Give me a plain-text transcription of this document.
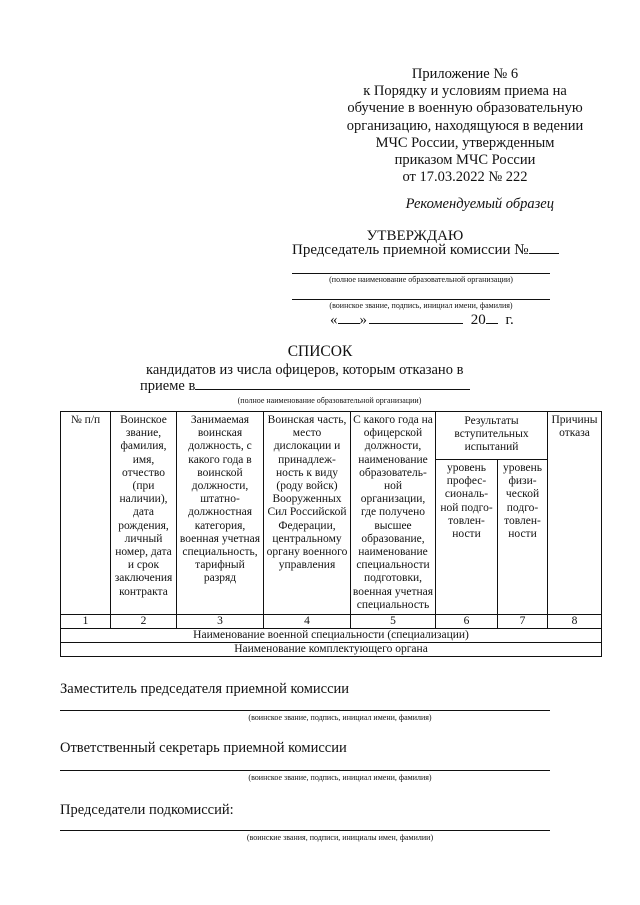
Приложение № 6
к Порядку и условиям приема на
обучение в военную образовательную
организацию, находящуюся в ведении
МЧС России, утвержденным
приказом МЧС России
от 17.03.2022 № 222
Рекомендуемый образец
УТВЕРЖДАЮ
Председатель приемной комиссии №
(полное наименование образовательной организации)
(воинское звание, подпись, инициал имени, фамилия)
« »	20 г.
СПИСОК
кандидатов из числа офицеров, которым отказано в
приеме в
(полное наименование образовательной организации)
№ п/п	Воинское звание, фамилия, имя, отчество (при наличии), дата рождения, личный номер, дата и срок заключения контракта	Занимаемая воинская должность, с какого года в воинской должности, штатно-должностная категория, военная учетная специальность, тарифный разряд	Воинская часть, место дислокации и принадлеж-ность к виду (роду войск) Вооруженных Сил Российской Федерации, центральному органу военного управления	С какого года на офицерской должности, наименование образователь-ной организации, где получено высшее образование, наименование специальности подготовки, военная учетная специальность	Результаты вступительных испытаний		Причины отказа
					уровень профес-сиональ-ной подго-товлен-ности	уровень физи-ческой подго-товлен-ности	
1	2	3	4	5	6	7	8
Наименование военной специальности (специализации)							
Наименование комплектующего органа							
Заместитель председателя приемной комиссии
(воинское звание, подпись, инициал имени, фамилия)
Ответственный секретарь приемной комиссии
(воинское звание, подпись, инициал имени, фамилия)
Председатели подкомиссий:
(воинские звания, подписи, инициалы имен, фамилии)
